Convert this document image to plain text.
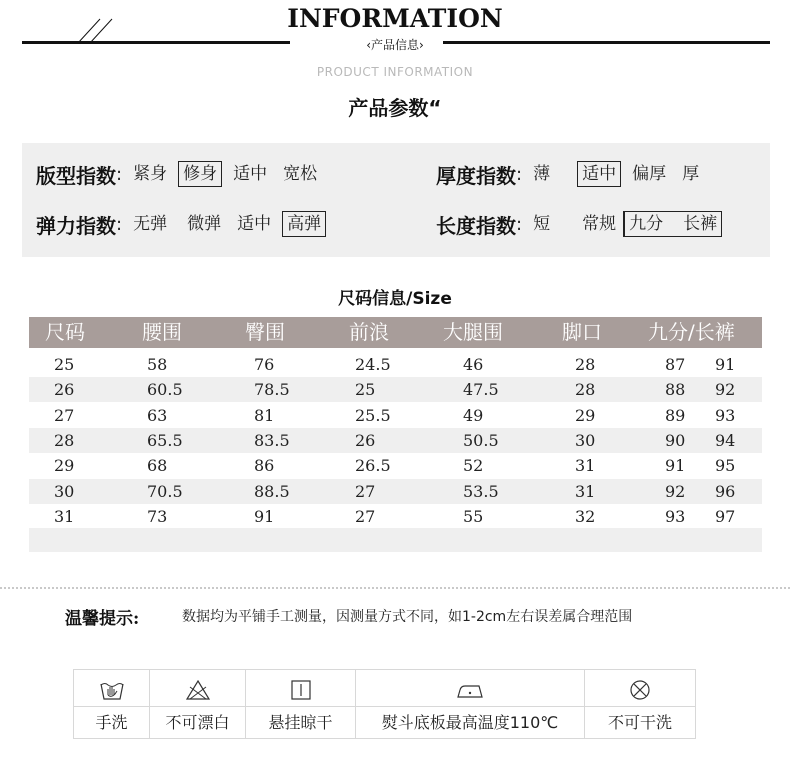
INFORMATION
‹产品信息›
PRODUCT INFORMATION
产品参数“
版型指数 : 紧身 修身 适中 宽松	厚度指数 : 薄 适中 偏厚 厚
弹力指数 : 无弹 微弹 适中 高弹	长度指数 : 短 常规 九分	长裤
尺码信息/Size
尺码	腰围	臀围	前浪	大腿围	脚口 九分/长裤
25	58	76	24.5	46	28	87 91
26	60.5	78.5	25	47.5	28	88 92
27	63	81	25.5	49	29	89 93
28	65.5	83.5	26	50.5	30	90 94
29	68	86	26.5	52	31	91 95
30	70.5	88.5	27	53.5	31	92 96
31	73	91	27	55	32	93 97
温馨提示:	数据均为平铺手工测量，因测量方式不同，如1-2cm左右误差属合理范围
手洗	不可漂白	悬挂晾干	熨斗底板最高温度110℃	不可干洗
